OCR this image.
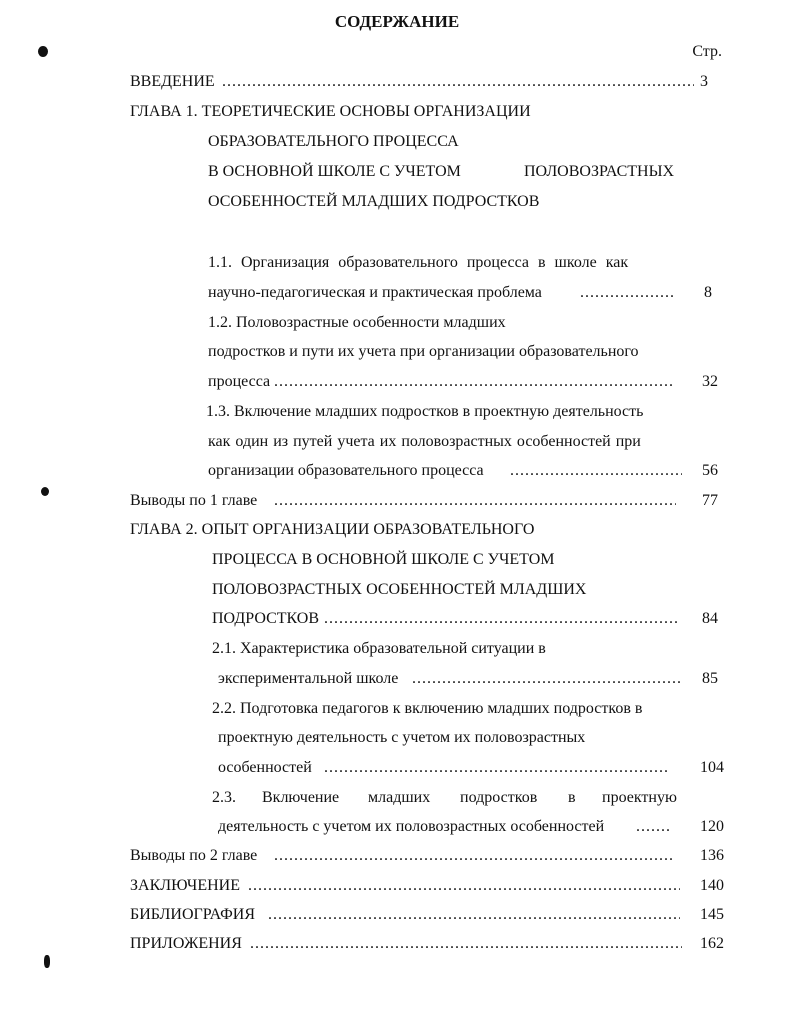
СОДЕРЖАНИЕ
Стр.
ВВЕДЕНИЕ .....	3
ГЛАВА 1. ТЕОРЕТИЧЕСКИЕ ОСНОВЫ ОРГАНИЗАЦИИ
ОБРАЗОВАТЕЛЬНОГО ПРОЦЕССА
В ОСНОВНОЙ ШКОЛЕ С УЧЕТОМ	ПОЛОВОЗРАСТНЫХ
ОСОБЕННОСТЕЙ МЛАДШИХ ПОДРОСТКОВ
1.1. Организация образовательного процесса в школе как
научно-педагогическая и практическая проблема .....	8
1.2. Половозрастные особенности младших
подростков и пути их учета при организации образовательного
процесса .....	32
1.3. Включение младших подростков в проектную деятельность
как один из путей учета их половозрастных особенностей при
организации образовательного процесса .....	56
Выводы по 1 главе .....	77
ГЛАВА 2. ОПЫТ ОРГАНИЗАЦИИ ОБРАЗОВАТЕЛЬНОГО
ПРОЦЕССА В ОСНОВНОЙ ШКОЛЕ С УЧЕТОМ
ПОЛОВОЗРАСТНЫХ ОСОБЕННОСТЕЙ МЛАДШИХ
ПОДРОСТКОВ .....	84
2.1. Характеристика образовательной ситуации в
экспериментальной школе .....	85
2.2. Подготовка педагогов к включению младших подростков в
проектную деятельность с учетом их половозрастных
особенностей .....	104
2.3. Включение младших подростков в проектную
деятельность с учетом их половозрастных особенностей .....	120
Выводы по 2 главе .....	136
ЗАКЛЮЧЕНИЕ .....	140
БИБЛИОГРАФИЯ .....	145
ПРИЛОЖЕНИЯ .....	162
